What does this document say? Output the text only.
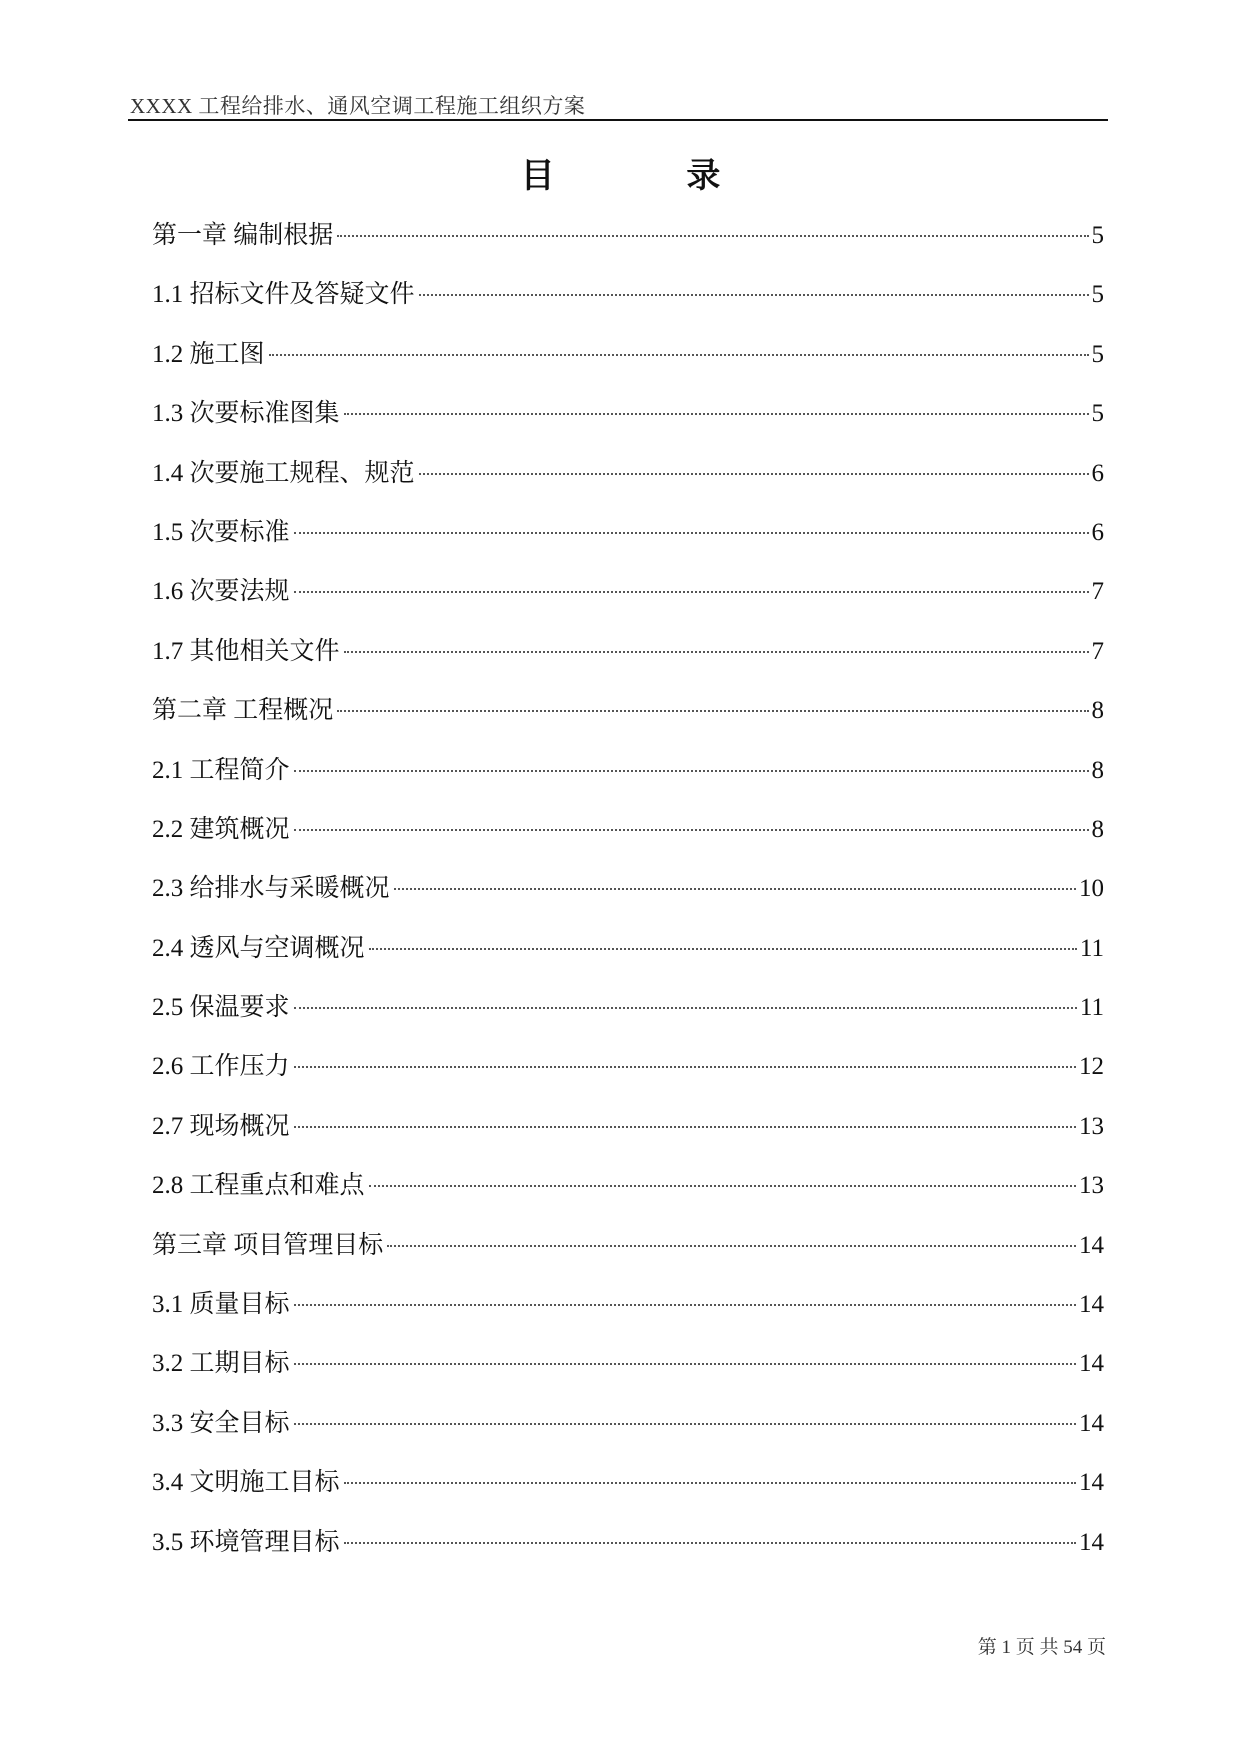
XXXX 工程给排水、通风空调工程施工组织方案
目 录
第一章 编制根据	5
1.1 招标文件及答疑文件	5
1.2 施工图	5
1.3 次要标准图集	5
1.4 次要施工规程、规范	6
1.5 次要标准	6
1.6 次要法规	7
1.7 其他相关文件	7
第二章 工程概况	8
2.1 工程简介	8
2.2 建筑概况	8
2.3 给排水与采暖概况	10
2.4 透风与空调概况	11
2.5 保温要求	11
2.6 工作压力	12
2.7 现场概况	13
2.8 工程重点和难点	13
第三章 项目管理目标	14
3.1 质量目标	14
3.2 工期目标	14
3.3 安全目标	14
3.4 文明施工目标	14
3.5 环境管理目标	14
第 1 页 共 54 页
